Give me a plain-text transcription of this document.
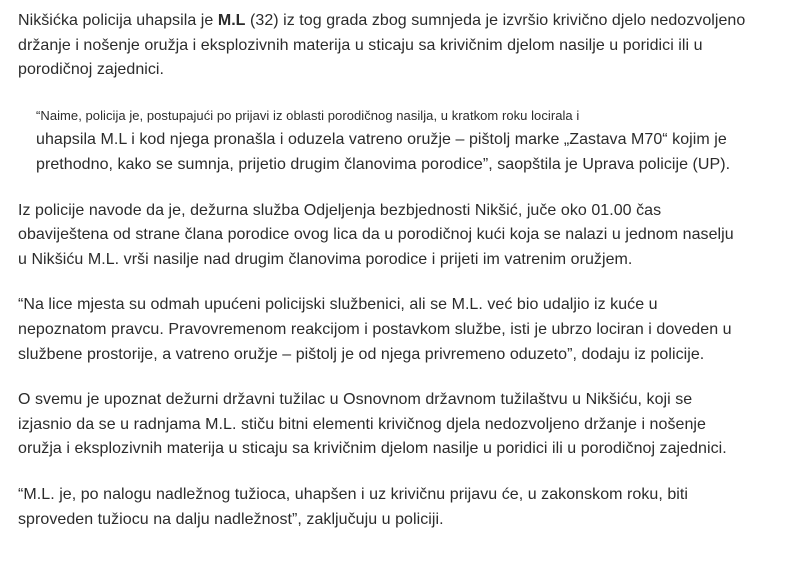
Nikšićka policija uhapsila je M.L (32) iz tog grada zbog sumnjeda je izvršio krivično djelo nedozvoljeno
držanje i nošenje oružja i eksplozivnih materija u sticaju sa krivičnim djelom nasilje u poridici ili u
porodičnoj zajednici.

“Naime, policija je, postupajući po prijavi iz oblasti porodičnog nasilja, u kratkom roku locirala i
uhapsila M.L i kod njega pronašla i oduzela vatreno oružje – pištolj marke „Zastava M70“ kojim je
prethodno, kako se sumnja, prijetio drugim članovima porodice”, saopštila je Uprava policije (UP).

Iz policije navode da je, dežurna služba Odjeljenja bezbjednosti Nikšić, juče oko 01.00 čas
obaviještena od strane člana porodice ovog lica da u porodičnoj kući koja se nalazi u jednom naselju
u Nikšiću M.L. vrši nasilje nad drugim članovima porodice i prijeti im vatrenim oružjem.

“Na lice mjesta su odmah upućeni policijski službenici, ali se M.L. već bio udaljio iz kuće u
nepoznatom pravcu. Pravovremenom reakcijom i postavkom službe, isti je ubrzo lociran i doveden u
službene prostorije, a vatreno oružje – pištolj je od njega privremeno oduzeto”, dodaju iz policije.

O svemu je upoznat dežurni državni tužilac u Osnovnom državnom tužilaštvu u Nikšiću, koji se
izjasnio da se u radnjama M.L. stiču bitni elementi krivičnog djela nedozvoljeno držanje i nošenje
oružja i eksplozivnih materija u sticaju sa krivičnim djelom nasilje u poridici ili u porodičnoj zajednici.

“M.L. je, po nalogu nadležnog tužioca, uhapšen i uz krivičnu prijavu će, u zakonskom roku, biti
sproveden tužiocu na dalju nadležnost”, zaključuju u policiji.
